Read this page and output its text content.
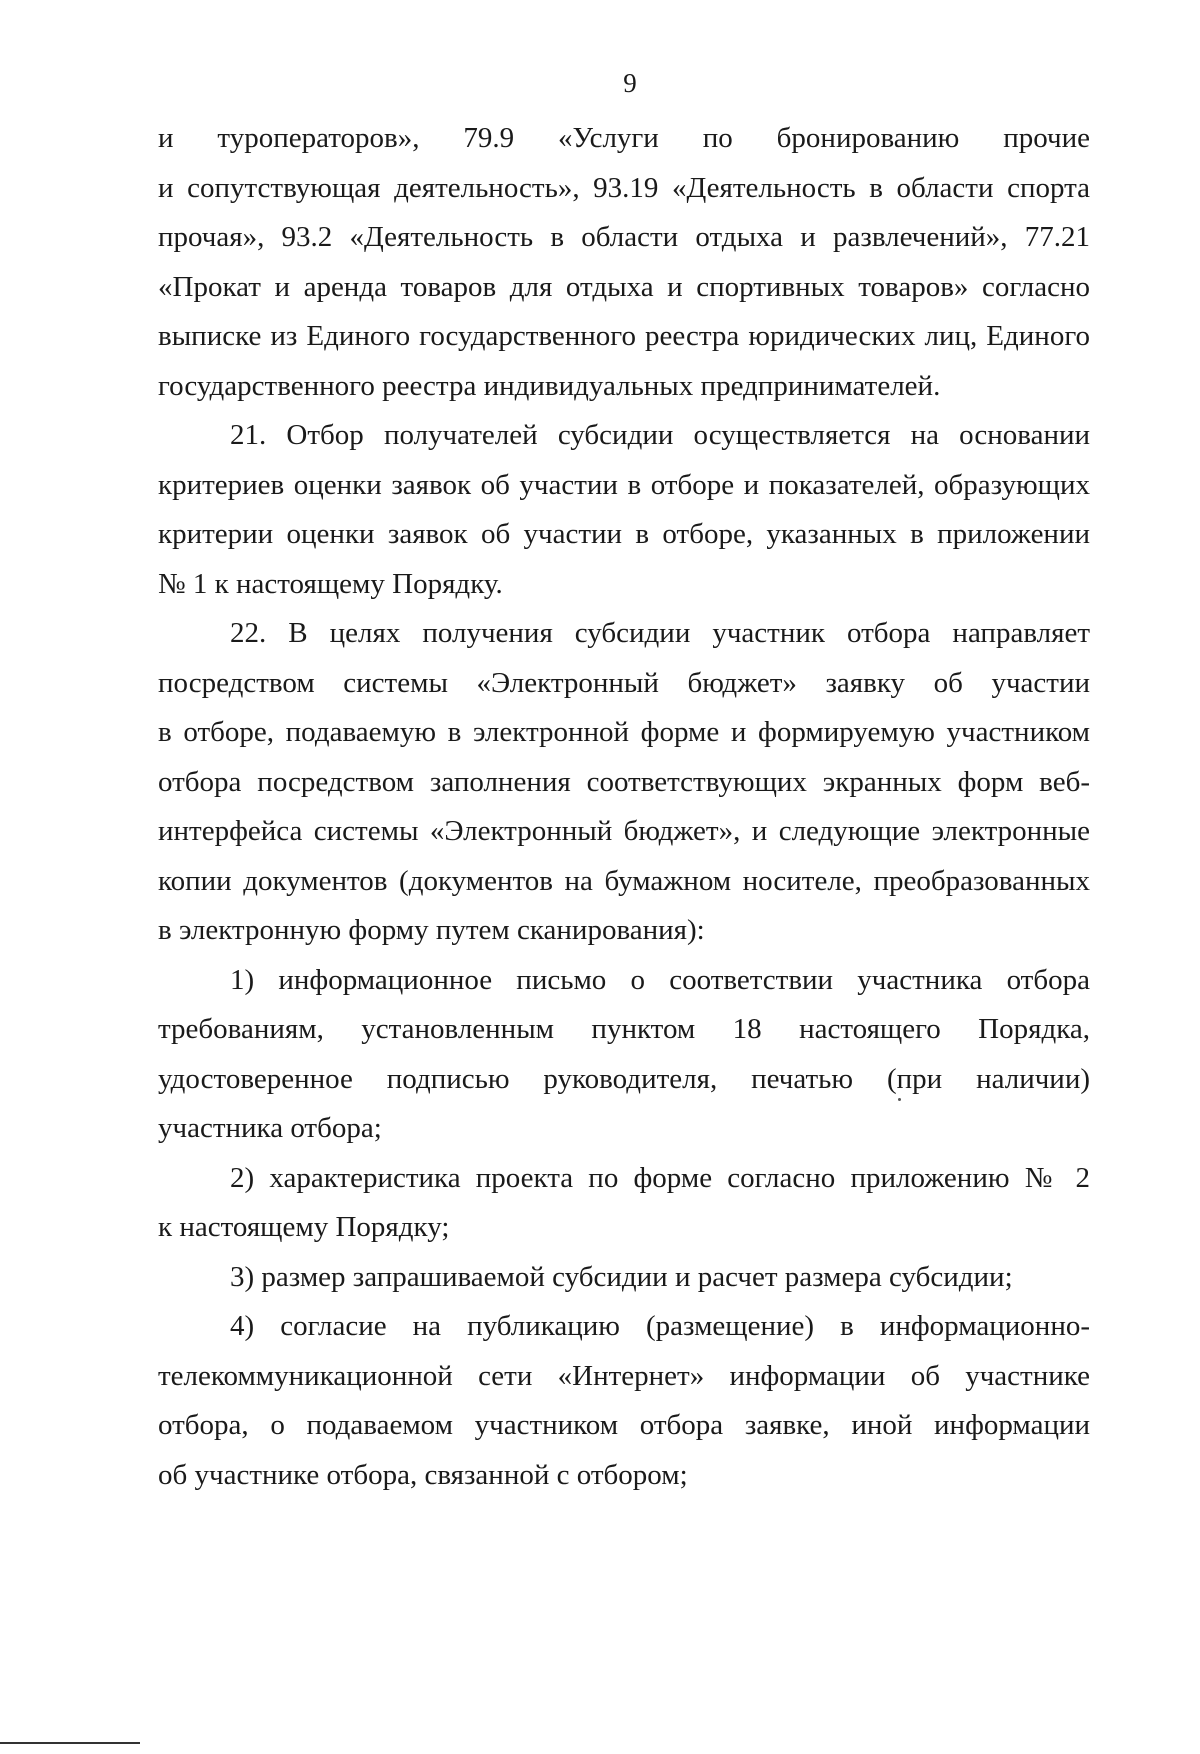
9

и туроператоров», 79.9 «Услуги по бронированию прочие
и сопутствующая деятельность», 93.19 «Деятельность в области спорта
прочая», 93.2 «Деятельность в области отдыха и развлечений», 77.21
«Прокат и аренда товаров для отдыха и спортивных товаров» согласно
выписке из Единого государственного реестра юридических лиц, Единого
государственного реестра индивидуальных предпринимателей.

21. Отбор получателей субсидии осуществляется на основании
критериев оценки заявок об участии в отборе и показателей, образующих
критерии оценки заявок об участии в отборе, указанных в приложении
№ 1 к настоящему Порядку.

22. В целях получения субсидии участник отбора направляет
посредством системы «Электронный бюджет» заявку об участии
в отборе, подаваемую в электронной форме и формируемую участником
отбора посредством заполнения соответствующих экранных форм веб-
интерфейса системы «Электронный бюджет», и следующие электронные
копии документов (документов на бумажном носителе, преобразованных
в электронную форму путем сканирования):

1) информационное письмо о соответствии участника отбора
требованиям, установленным пунктом 18 настоящего Порядка,
удостоверенное подписью руководителя, печатью (при наличии)
участника отбора;

2) характеристика проекта по форме согласно приложению № 2
к настоящему Порядку;

3) размер запрашиваемой субсидии и расчет размера субсидии;

4) согласие на публикацию (размещение) в информационно-
телекоммуникационной сети «Интернет» информации об участнике
отбора, о подаваемом участником отбора заявке, иной информации
об участнике отбора, связанной с отбором;
